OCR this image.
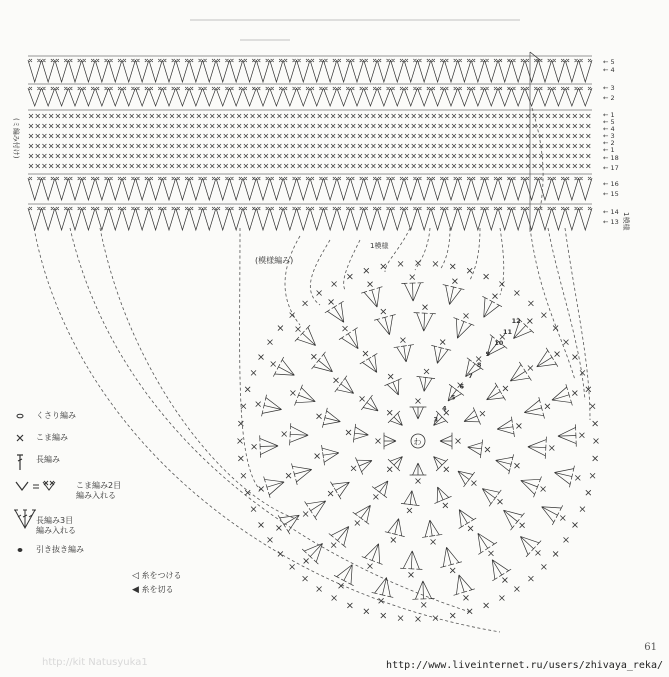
(ミ編み付け)
1模様
1模様
← 5
← 4
← 3
← 2
← 1
← 5
← 4
← 3
← 2
← 1
← 18
← 17
← 16
← 15
← 14
← 13
(模様編み)
わ
3
4
5
6
7
8
9
10
11
12
くさり編み
こま編み
長編み
こま編み2目
編み入れる
長編み3目
編み入れる
引き抜き編み
◁ 糸をつける
◀ 糸を切る
61
http://kit Natusyuka1	http://www.liveinternet.ru/users/zhivaya_reka/
